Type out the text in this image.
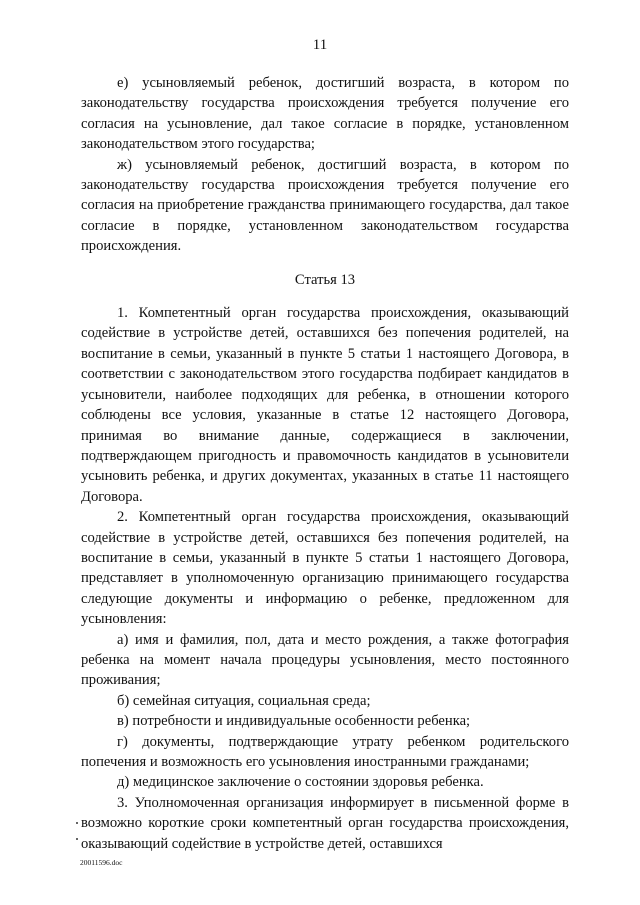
11

е) усыновляемый ребенок, достигший возраста, в котором по законодательству государства происхождения требуется получение его согласия на усыновление, дал такое согласие в порядке, установленном законодательством этого государства;

ж) усыновляемый ребенок, достигший возраста, в котором по законодательству государства происхождения требуется получение его согласия на приобретение гражданства принимающего государства, дал такое согласие в порядке, установленном законодательством государства происхождения.

Статья 13

1. Компетентный орган государства происхождения, оказывающий содействие в устройстве детей, оставшихся без попечения родителей, на воспитание в семьи, указанный в пункте 5 статьи 1 настоящего Договора, в соответствии с законодательством этого государства подбирает кандидатов в усыновители, наиболее подходящих для ребенка, в отношении которого соблюдены все условия, указанные в статье 12 настоящего Договора, принимая во внимание данные, содержащиеся в заключении, подтверждающем пригодность и правомочность кандидатов в усыновители усыновить ребенка, и других документах, указанных в статье 11 настоящего Договора.

2. Компетентный орган государства происхождения, оказывающий содействие в устройстве детей, оставшихся без попечения родителей, на воспитание в семьи, указанный в пункте 5 статьи 1 настоящего Договора, представляет в уполномоченную организацию принимающего государства следующие документы и информацию о ребенке, предложенном для усыновления:

а) имя и фамилия, пол, дата и место рождения, а также фотография ребенка на момент начала процедуры усыновления, место постоянного проживания;

б) семейная ситуация, социальная среда;

в) потребности и индивидуальные особенности ребенка;

г) документы, подтверждающие утрату ребенком родительского попечения и возможность его усыновления иностранными гражданами;

д) медицинское заключение о состоянии здоровья ребенка.

3. Уполномоченная организация информирует в письменной форме в возможно короткие сроки компетентный орган государства происхождения, оказывающий содействие в устройстве детей, оставшихся

20011596.doc
